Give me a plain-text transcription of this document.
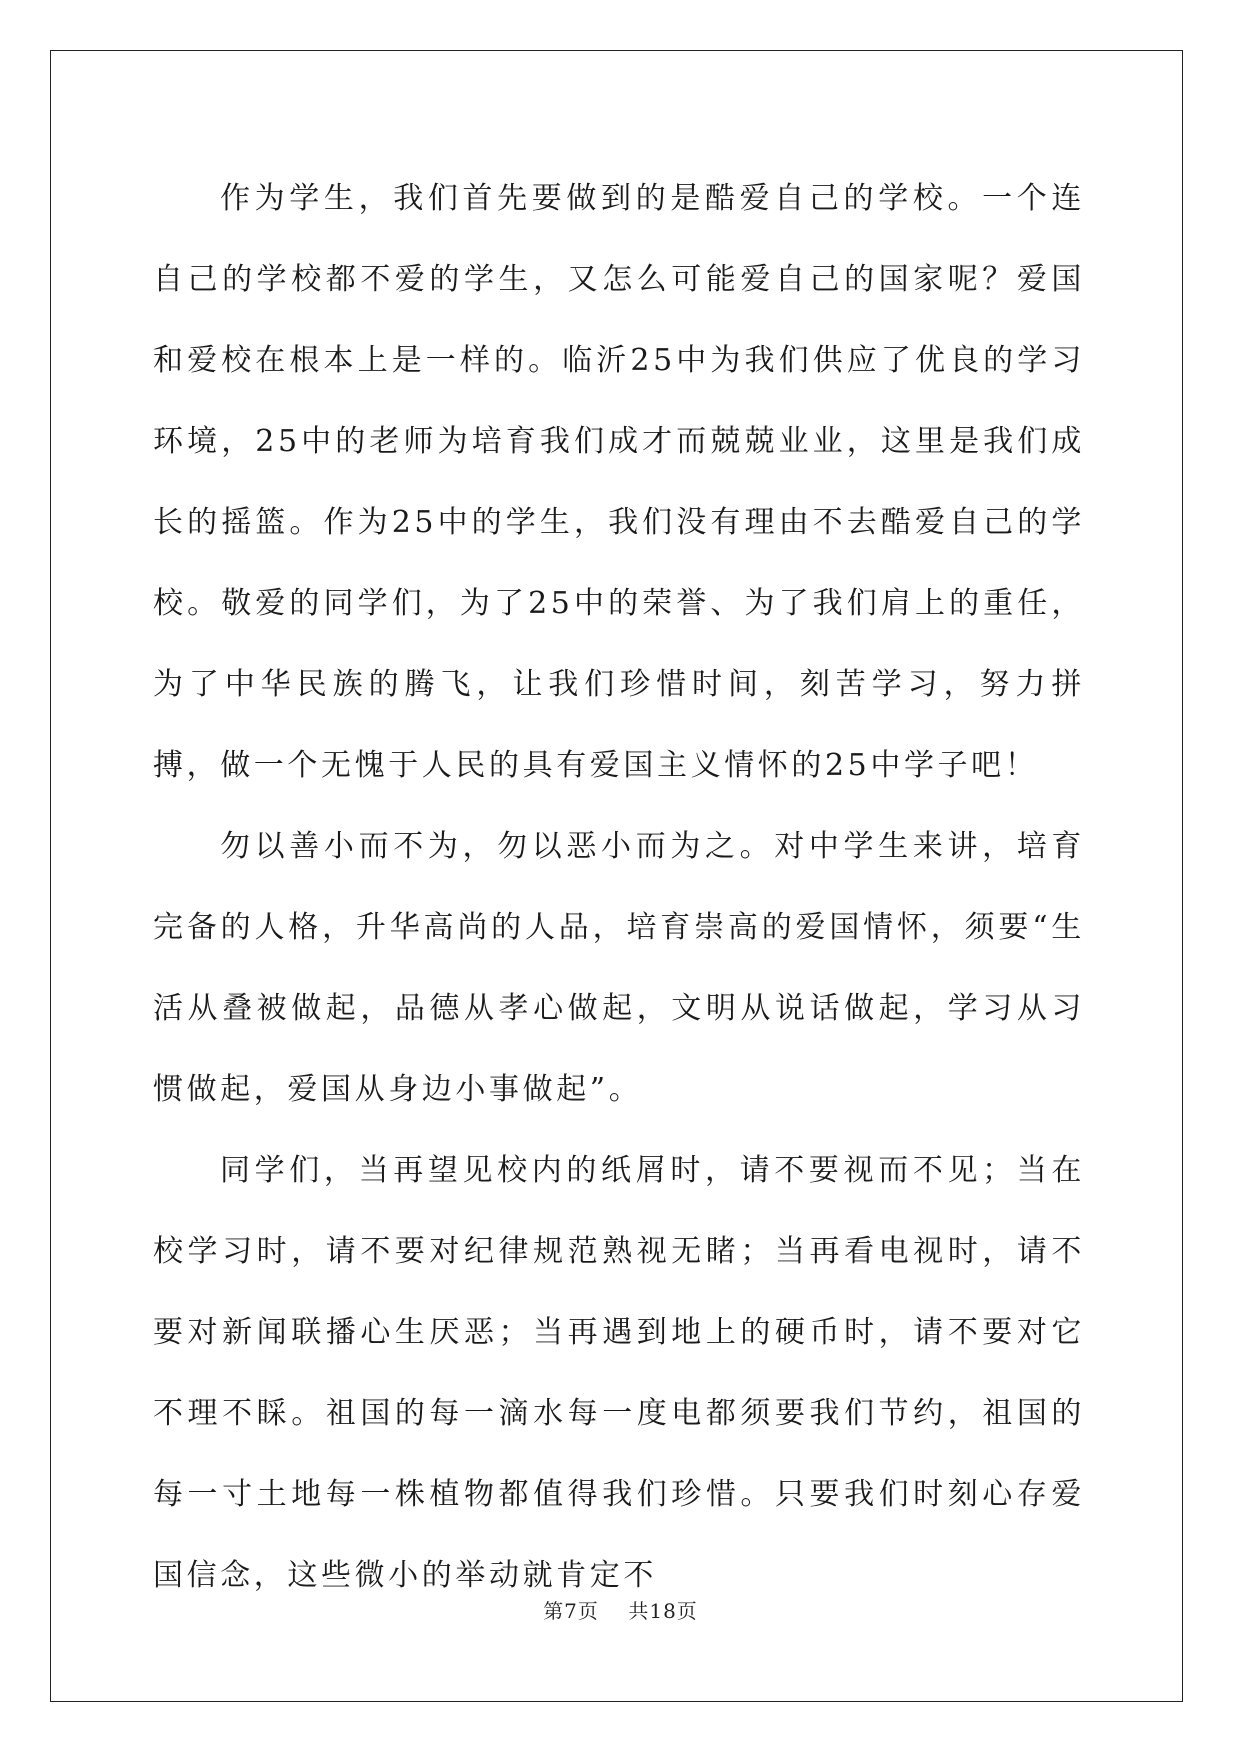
作为学生，我们首先要做到的是酷爱自己的学校。一个连自己的学校都不爱的学生，又怎么可能爱自己的国家呢？爱国和爱校在根本上是一样的。临沂25中为我们供应了优良的学习环境，25中的老师为培育我们成才而兢兢业业，这里是我们成长的摇篮。作为25中的学生，我们没有理由不去酷爱自己的学校。敬爱的同学们，为了25中的荣誉、为了我们肩上的重任，为了中华民族的腾飞，让我们珍惜时间，刻苦学习，努力拼搏，做一个无愧于人民的具有爱国主义情怀的25中学子吧！

勿以善小而不为，勿以恶小而为之。对中学生来讲，培育完备的人格，升华高尚的人品，培育崇高的爱国情怀，须要“生活从叠被做起，品德从孝心做起，文明从说话做起，学习从习惯做起，爱国从身边小事做起”。

同学们，当再望见校内的纸屑时，请不要视而不见；当在校学习时，请不要对纪律规范熟视无睹；当再看电视时，请不要对新闻联播心生厌恶；当再遇到地上的硬币时，请不要对它不理不睬。祖国的每一滴水每一度电都须要我们节约，祖国的每一寸土地每一株植物都值得我们珍惜。只要我们时刻心存爱国信念，这些微小的举动就肯定不

第7页 共18页
